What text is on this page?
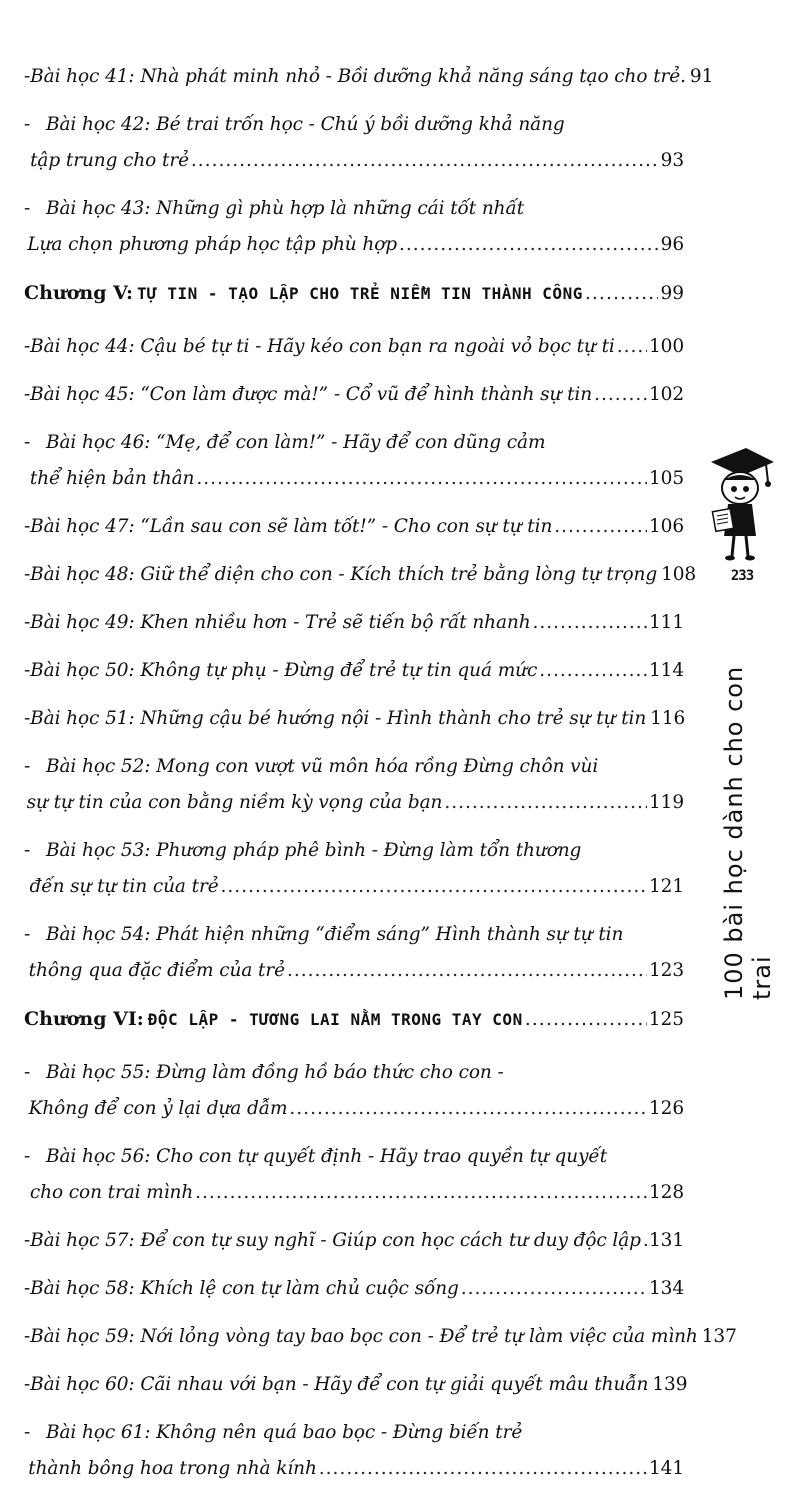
- Bài học 41: Nhà phát minh nhỏ - Bồi dưỡng khả năng sáng tạo cho trẻ. 91
- Bài học 42: Bé trai trốn học - Chú ý bồi dưỡng khả năng
tập trung cho trẻ .....	93
- Bài học 43: Những gì phù hợp là những cái tốt nhất
Lựa chọn phương pháp học tập phù hợp .....	96
Chương V: TỰ TIN - TẠO LẬP CHO TRẺ NIỀM TIN THÀNH CÔNG .....	99
- Bài học 44: Cậu bé tự ti - Hãy kéo con bạn ra ngoài vỏ bọc tự ti ..... 100
- Bài học 45: “Con làm được mà!” - Cổ vũ để hình thành sự tin .....	102
- Bài học 46: “Mẹ, để con làm!” - Hãy để con dũng cảm
thể hiện bản thân .....	105
- Bài học 47: “Lần sau con sẽ làm tốt!” - Cho con sự tự tin .....	106
- Bài học 48: Giữ thể diện cho con - Kích thích trẻ bằng lòng tự trọng 108
- Bài học 49: Khen nhiều hơn - Trẻ sẽ tiến bộ rất nhanh .....	111
- Bài học 50: Không tự phụ - Đừng để trẻ tự tin quá mức .....	114
- Bài học 51: Những cậu bé hướng nội - Hình thành cho trẻ sự tự tin 116
- Bài học 52: Mong con vượt vũ môn hóa rồng Đừng chôn vùi
sự tự tin của con bằng niềm kỳ vọng của bạn .....	119
- Bài học 53: Phương pháp phê bình - Đừng làm tổn thương
đến sự tự tin của trẻ .....	121
- Bài học 54: Phát hiện những “điểm sáng” Hình thành sự tự tin
thông qua đặc điểm của trẻ .....	123
Chương VI: ĐỘC LẬP - TƯƠNG LAI NẰM TRONG TAY CON .....	125
- Bài học 55: Đừng làm đồng hồ báo thức cho con -
Không để con ỷ lại dựa dẫm .....	126
- Bài học 56: Cho con tự quyết định - Hãy trao quyền tự quyết
cho con trai mình .....	128
- Bài học 57: Để con tự suy nghĩ - Giúp con học cách tư duy độc lập ..... 131
- Bài học 58: Khích lệ con tự làm chủ cuộc sống .....	134
- Bài học 59: Nới lỏng vòng tay bao bọc con - Để trẻ tự làm việc của mình 137
- Bài học 60: Cãi nhau với bạn - Hãy để con tự giải quyết mâu thuẫn 139
- Bài học 61: Không nên quá bao bọc - Đừng biến trẻ
thành bông hoa trong nhà kính .....	141
233
100 bài học dành cho con trai
